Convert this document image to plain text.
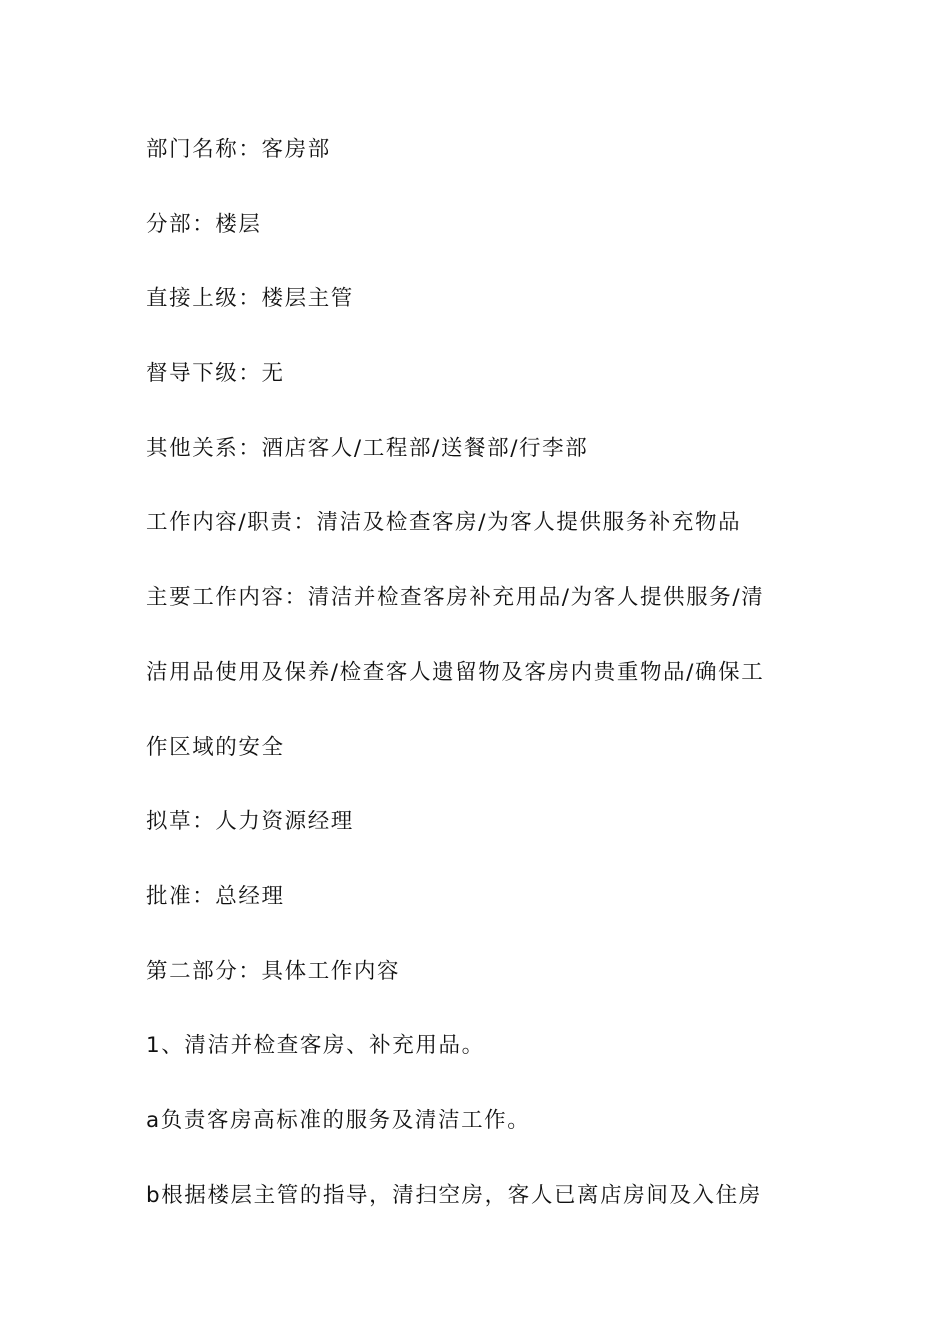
部门名称：客房部
分部：楼层
直接上级：楼层主管
督导下级：无
其他关系：酒店客人/工程部/送餐部/行李部
工作内容/职责：清洁及检查客房/为客人提供服务补充物品
主要工作内容：清洁并检查客房补充用品/为客人提供服务/清
洁用品使用及保养/检查客人遗留物及客房内贵重物品/确保工
作区域的安全
拟草：人力资源经理
批准：总经理
第二部分：具体工作内容
1、清洁并检查客房、补充用品。
a负责客房高标准的服务及清洁工作。
b根据楼层主管的指导，清扫空房，客人已离店房间及入住房
